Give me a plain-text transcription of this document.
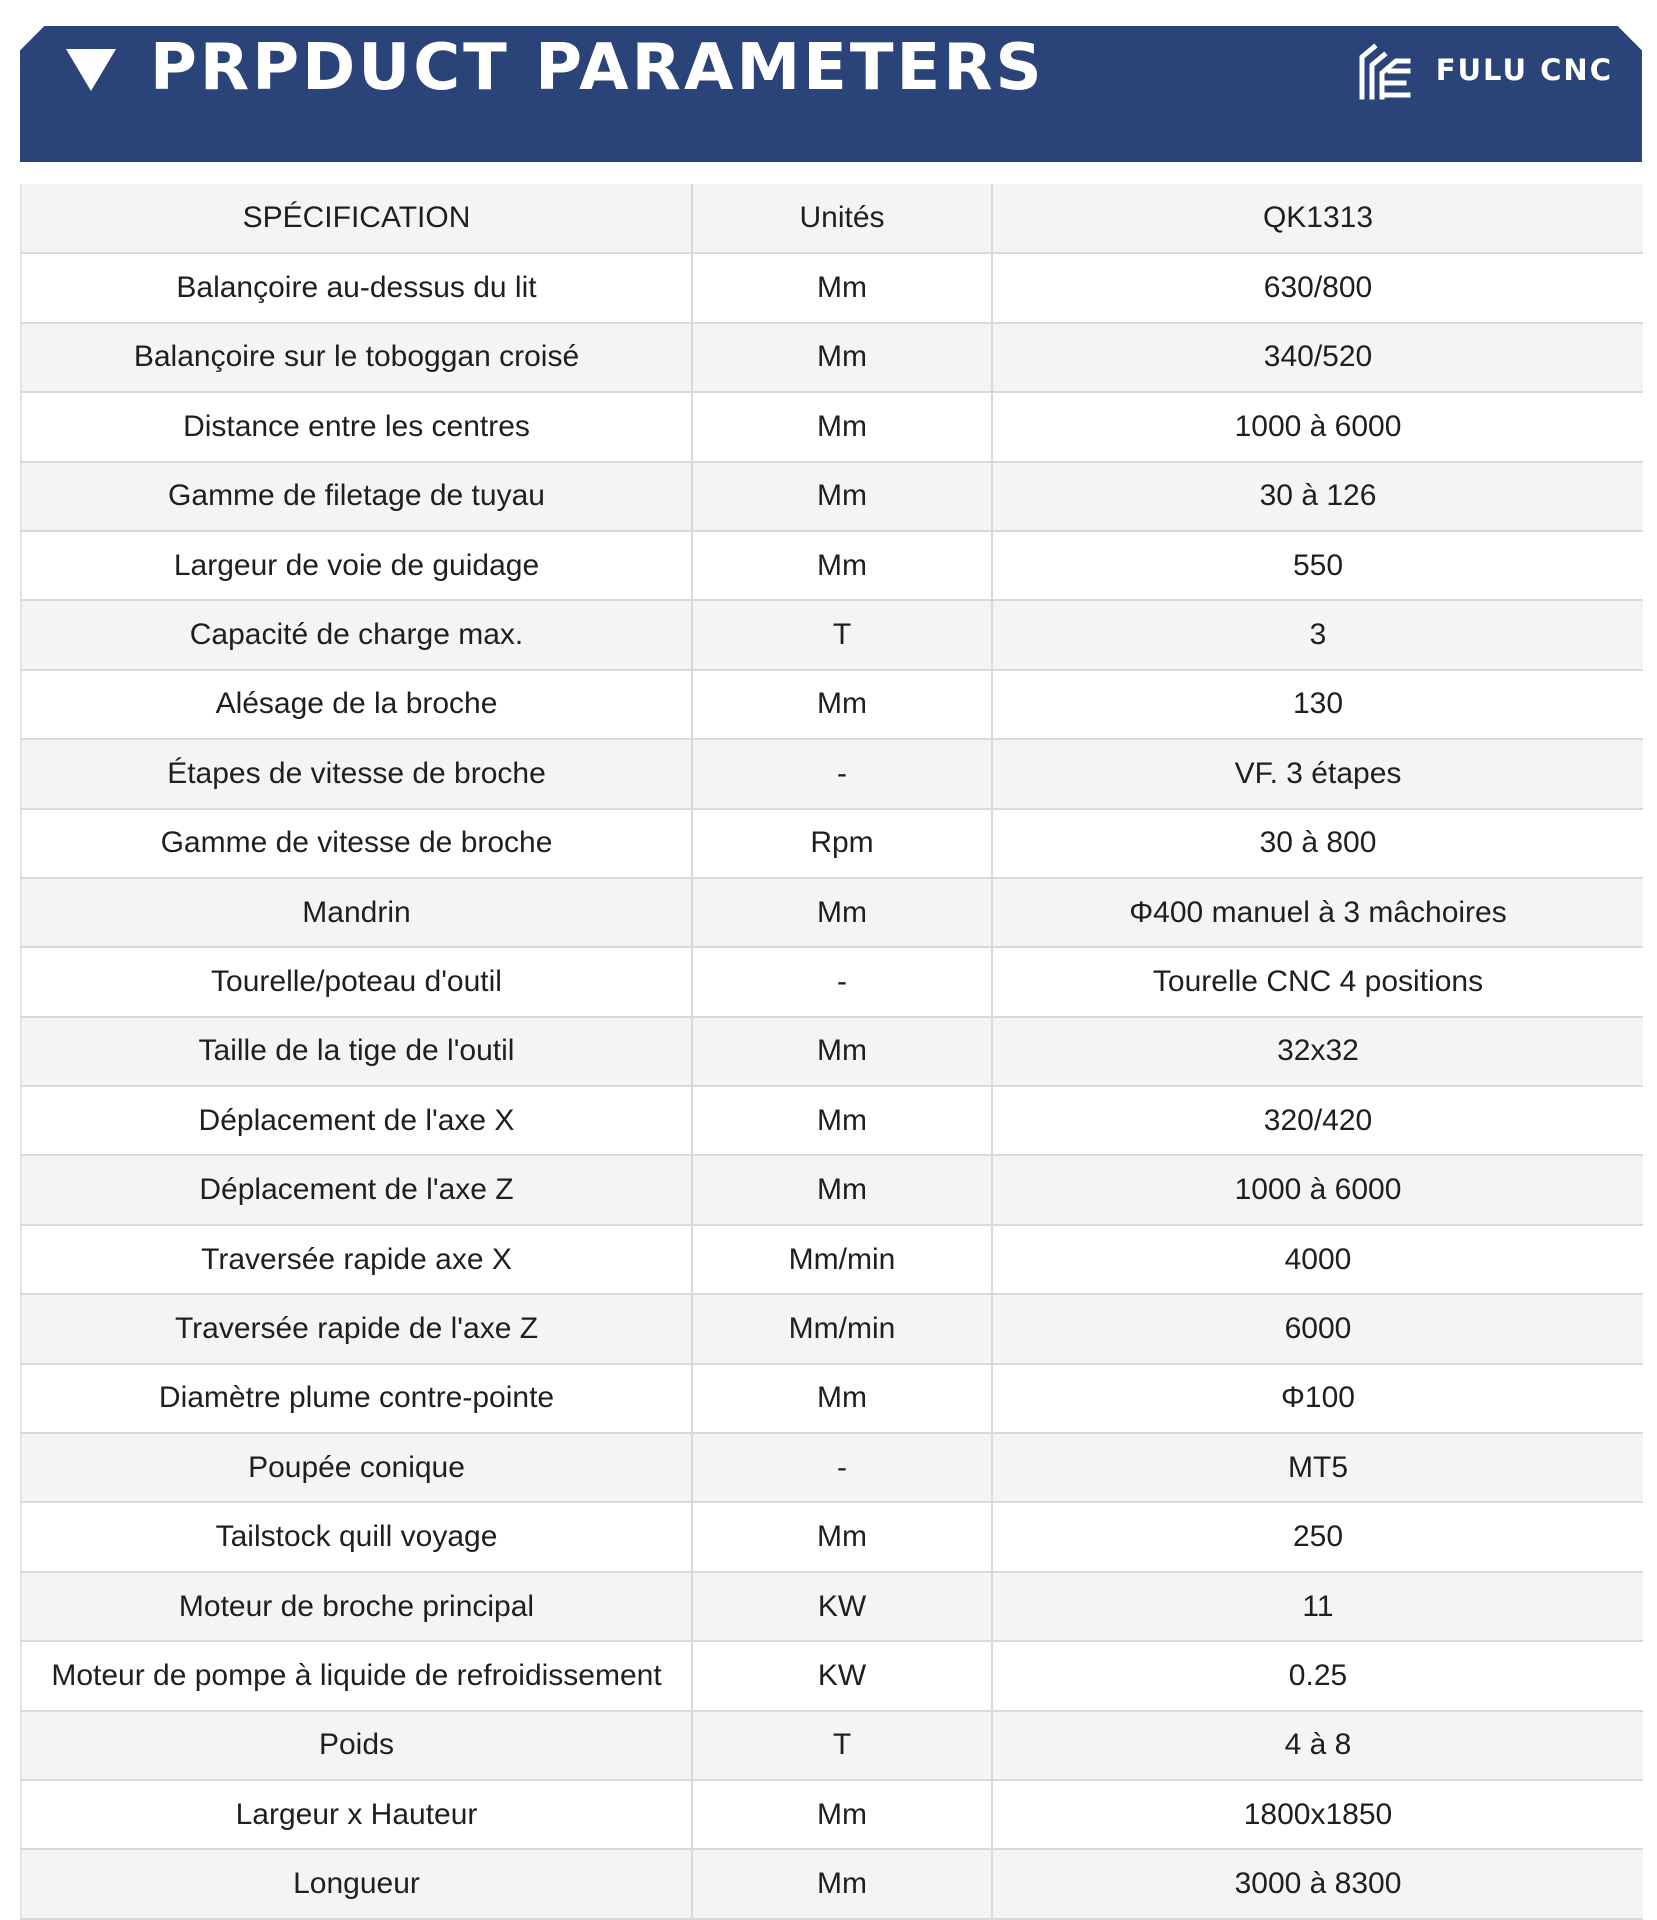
PRPDUCT PARAMETERS	FULU CNC
SPÉCIFICATION	Unités	QK1313
Balançoire au-dessus du lit	Mm	630/800
Balançoire sur le toboggan croisé	Mm	340/520
Distance entre les centres	Mm	1000 à 6000
Gamme de filetage de tuyau	Mm	30 à 126
Largeur de voie de guidage	Mm	550
Capacité de charge max.	T	3
Alésage de la broche	Mm	130
Étapes de vitesse de broche	-	VF. 3 étapes
Gamme de vitesse de broche	Rpm	30 à 800
Mandrin	Mm	Φ400 manuel à 3 mâchoires
Tourelle/poteau d'outil	-	Tourelle CNC 4 positions
Taille de la tige de l'outil	Mm	32x32
Déplacement de l'axe X	Mm	320/420
Déplacement de l'axe Z	Mm	1000 à 6000
Traversée rapide axe X	Mm/min	4000
Traversée rapide de l'axe Z	Mm/min	6000
Diamètre plume contre-pointe	Mm	Φ100
Poupée conique	-	MT5
Tailstock quill voyage	Mm	250
Moteur de broche principal	KW	11
Moteur de pompe à liquide de refroidissement	KW	0.25
Poids	T	4 à 8
Largeur x Hauteur	Mm	1800x1850
Longueur	Mm	3000 à 8300
